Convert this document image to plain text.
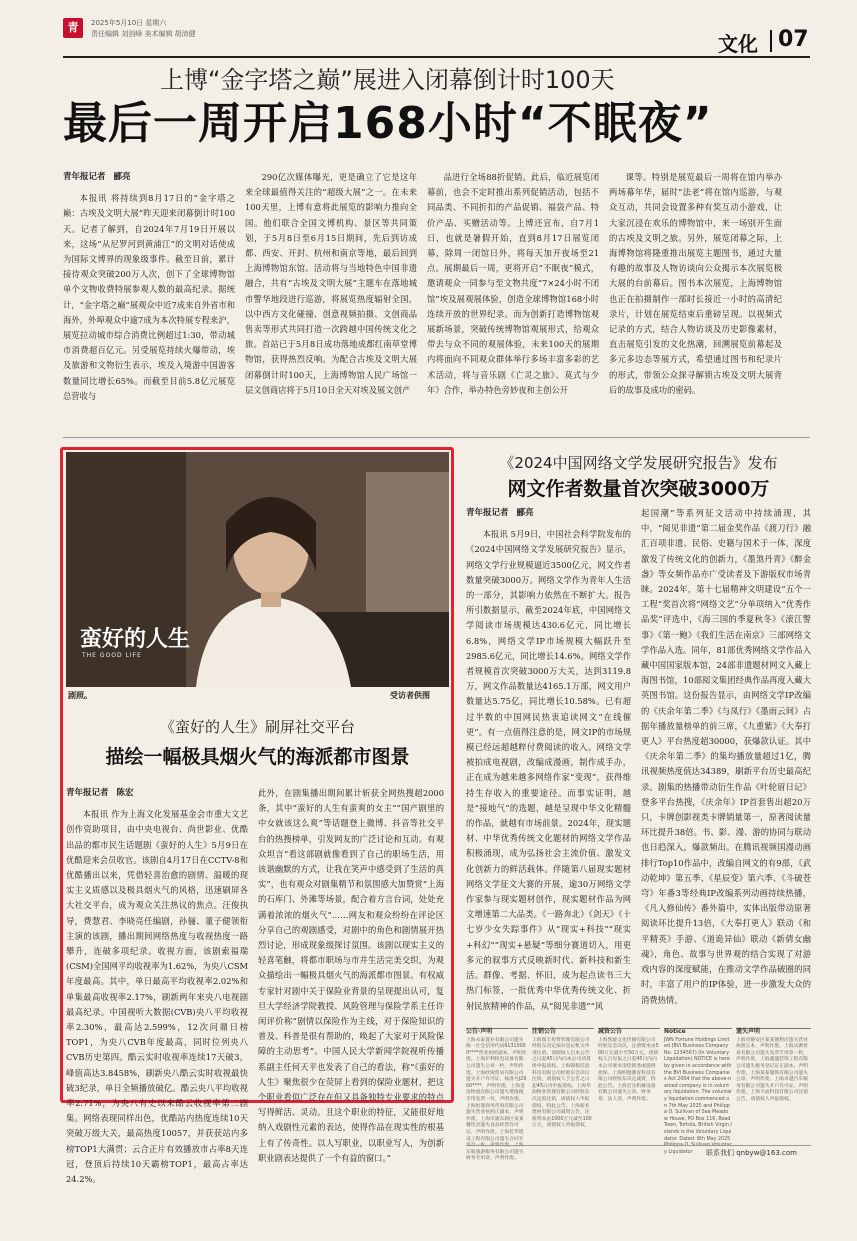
青	2025年5月10日 星期六
责任编辑 刘剑峰 美术编辑 胡沛健	文化 07
上博“金字塔之巅”展进入闭幕倒计时100天
最后一周开启168小时“不眠夜”
青年报记者 郦亮
本报讯 将持续到8月17日的“金字塔之巅：古埃及文明大展”昨天迎来闭幕倒计时100天。记者了解到，自2024年7月19日开展以来，这场“从尼罗河到黄浦江”的文明对话使成为国际文博界的现象级事件。截至目前，累计接待观众突破200万人次，创下了全球博物馆单个文物收费特展参观人数的最高纪录。据统计，“金字塔之巅”展观众中近7成来自外省市和海外，外埠观众中逾7成为本次特展专程来沪，展览拉动城市综合消费比例超过1:30，带动城市消费超百亿元。另受展览持续火爆带动，埃及旅游和文物衍生表示，埃及入境游中国游客数量同比增长65%。而截至目前5.8亿元展览总营收与
290亿次媒体曝光，更是确立了它是这年来全球最值得关注的“超级大展”之一。在未来100天里，上博有意将此展览的影响力推向全国。他们联合全国文博机构、景区等共同策划，于5月8日至6月15日期间，先后到访成都、西安、开封、杭州和南京等地，最后回到上海博物馆东馆。活动将与当地特色中国非遗融合，共有“古埃及文明大展”主题车在落地城市警华地段进行巡游，将展览热度辐射全国，以中西方文化碰撞、创意视频拍摄、文创商品售卖等形式共同打造一次跨越中国传统文化之旅。首站已于5月8日成功落地成都红南草堂博物馆，获得热烈反响。为配合古埃及文明大展闭幕倒计时100天，上海博物馆人民广场馆一层文创商店将于5月10日全天对埃及展文创产
品进行全场88折促销。此后，临近展览闭幕前，也会不定时推出系列促销活动，包括不同品类、不同折扣的产品促销、福袋产品、特价产品、买赠活动等。上博还宣布，自7月1日，也就是暑假开始，直到8月17日展览闭幕，除周一闭馆日外，将每天加开夜场至21点。展期最后一周，更将开启“不眠夜”模式，邀请观众一同参与至文物共度“7×24小时不闭馆”埃及展观展体验，创造全球博物馆168小时连续开放的世界纪录。而为创新打造博物馆观展新场景，突破传统博物馆观展形式，给观众带去与众不同的观展体验，未来100天的展期内将面向不同观众群体举行多场丰富多彩的艺术活动，将与音乐剧《亡灵之旅》、莫式与少年》合作，举办特色旁妙夜和主创公开
课等。特别是展览最后一周将在馆内举办两场幕年华，届时“法老”将在馆内巡游，与观众互动，共同会设置多种有奖互动小游戏，让大家沉浸在欢乐的博物馆中，来一场别开生面的古埃及文明之旅。另外，展览闭幕之际，上海博物馆将隆重推出展览主题图书，通过大量有趣的故事及人物访谈向公众揭示本次展览极大展的台前幕后。图书本次展览，上海博物馆也正在拍摄制作一部时长接近一小时的高清纪录片，计划在展览结束后重磅呈现。以视频式记录的方式，结合人物访谈及历史影像素材，直击展览引发的文化热潮，回溯展览前幕起及多元多边态等展方式，希望通过图书和纪录片的形式，带领公众探寻解锁古埃及文明大展背后的故事及成功的密码。
蛮好的人生
THE GOOD LIFE
剧照。	受访者供图
《蛮好的人生》刷屏社交平台
描绘一幅极具烟火气的海派都市图景
青年报记者 陈宏
本报讯 作为上海文化发展基金会市重大文艺创作资助项目，由中央电视台、尚世影业、优酷出品的都市民生话题剧《蛮好的人生》5月9日在优酷迎来会员收官。该剧自4月17日在CCTV-8和优酷播出以来，凭借轻喜治愈的剧情、温暖的现实主义质感以及极具烟火气的风格，迅速刷屏各大社交平台，成为观众关注热议的焦点。汪俊执导，费慧君、李晓亮任编剧，孙俪、董子健领衔主演的该剧，播出期间网络热度与收视热度一路攀升，连破多项纪录。收视方面，该剧索福瑞(CSM)全国网平均收视率为1.62%，为央八CSM年度最高。其中，单日最高平均收视率2.02%和单集最高收视率2.17%，刷新两年来央八电视剧最高纪录。中国视听大数据(CVB)央八平均收视率2.30%，最高达2.599%，12次问鼎日榜TOP1，为央八CVB年度最高，同时位列央八CVB历史第四。酷云实时收视率连续17天破3，峰值高达3.8458%，刷新央八酷云实时收视最快破3纪录，单日全频播放破亿。酷云央八平均收视率2.71%，为央八有史以来酷云收视率第二剧集。网络表现同样出色，优酷站内热度连续10天突破万级大关，最高热度10057，并获获站内多榜TOP1大满贯；云合正片有效播放市占率8天连冠，登顶后持续10天霸榜TOP1，最高占率达24.2%。
此外，在剧集播出期间累计斩获全网热搜超2000条，其中“蛮好的人生有蛮爽的女主”“国产剧里的中女就该这么爽”等话题登上微博、抖音等社交平台的热搜榜单，引发网友的广泛讨论和互动。有观众坦言“看这部剧就像看到了自己的职场生活，用该谐幽默的方式，让我在笑声中感受到了生活的真实”，也有观众对剧集精节和氛围感大加赞赏“上海的石库门、外滩等场景，配合着方言台词，处处充满着浓浓的烟火气”……网友和观众纷纷在评论区分享自己的观剧感受，对剧中的角色和剧情展开热烈讨论，形成现象级探讨氛围。该剧以现实主义的轻喜笔触，将都市职场与市井生活完美交织，为观众描绘出一幅极具烟火气的海派都市图景。有权威专家针对剧中关于保险业背景的呈现提出认可，复旦大学经济学院教授、风险管理与保险学系主任许闲评价称“剧情以保险作为主线，对于保险知识的普及、科普是很有帮助的，唤起了大家对于风险保障的主动思考”。中国人民大学新闻学院视听传播系副主任何天平也发表了自己的看法，称“《蛮好的人生》聚焦很少在荧屏上看到的保险业题材，把这个职业看似广泛存在但又具备独特专业要求的特点写得鲜活、灵动。且这个职业的特征，又能很好地纳入戏剧性元素的表达，使得作品在现实性的根基上有了传奇性。以人写职业，以职业写人，为创新职业剧表达提供了一个有益的窗口。”
《2024中国网络文学发展研究报告》发布
网文作者数量首次突破3000万
青年报记者 郦亮
本报讯 5月9日，中国社会科学院发布的《2024中国网络文学发展研究报告》显示，网络文学行业规模逼近3500亿元，网文作者数量突破3000万。网络文学作为青年人生活的一部分，其影响力依然在不断扩大。报告所引数据显示，截至2024年底，中国网络文学阅读市场规模达430.6亿元，同比增长6.8%，网络文学IP市场规模大幅跃升至2985.6亿元，同比增长14.6%。网络文学作者规模首次突破3000万大关，达到3119.8万，网文作品数量达4165.1万部，网文用户数量达5.75亿，同比增长10.58%。已有超过半数的中国网民热衷追读网文“在线催更”。有一点值得注意的是，网文IP的市场规模已经远超越粹付费阅读的收入。网络文学被拍成电视剧，改编成漫画，制作成手办，正在成为越来越多网络作家“变现”，获得维持生存收入的重要途径。而事实证明，越是“接地气”的选题，越是呈现中华文化精髓的作品，就越有市场前景。2024年，现实题材、中华优秀传统文化题材的网络文学作品积极涌现，成为弘扬社会主流价值、激发文化创新力的鲜活载体。伴随第八届现实题材网络文学征文大赛的开展，逾30万网络文学作家参与现实题材创作，现实题材作品为网文增速第二大品类。《一路奔北》《剑天》《十七岁少女失踪事件》从“现实+科技”“现实+科幻”“现实+悬疑”等细分赛道切入，用更多元的叙事方式反映新时代、新科技和新生活。群像、考据、怀旧，成为起点读书三大热门标签，一批优秀中华优秀传统文化、折射民族精神的作品，从“阅见非遗”“风
起国潮”等系列征文活动中持续涌现，其中，“阅见非遗”第二届金奖作品《渡刀行》融汇百项非遗、民俗、史籍与国术于一体，深度激发了传统文化的创新力，《墨煞丹青》《醉金盏》等女频作品亦广受读者及下游版权市场青睐。2024年，第十七届精神文明建设“五个一工程”奖首次将“网络文艺”分单项纳入“优秀作品奖”评选中，《海三国的季夏秋冬》《滚江警事》《第一鲍》《我们生活在南京》三部网络文学作品入选。同年，81部优秀网络文学作品入藏中国国家版本馆，24部非遗题材网文入藏上海图书馆，10部阅文集团经典作品再度入藏大英图书馆。这份报告显示，由网络文学IP改编的《庆余年第二季》《与凤行》《墨雨云间》占据年播放量榜单的前三席，《九重紫》《大奉打更人》平台热度超30000，获爆款认证。其中《庆余年第二季》的集均播放量超过1亿，腾讯视频热度值达34389，刷新平台历史最高纪录。剧集的热播带动衍生作品《叶轮眉日记》登多平台热搜，《庆余年》IP首套售出超20万只，卡牌创影视类卡牌销量第一，原著阅读量环比提升38倍。书、影、漫、游的协同与联动也日趋深入，爆款频出。在腾讯视频国漫动画排行Top10作品中，改编自网文的有9部，《武动乾坤》第五季、《星辰变》第六季、《斗破苍穹》年番3等经典IP改编系列动画持续热播，《凡人修仙传》番外篇中，实体出版带动原著阅读环比提升13倍，《大奉打更人》联动《和平精英》手游、《道诡异仙》联动《新倩女幽魂》，角色、故事与世界观的结合实现了对游戏内容的深度赋能，在推动文学作品破圈的同时，丰富了用户的IP体验，进一步激发大众的消费热情。
公告·声明
上海永泰置业有限公司遗失统一社会信用代码91310000****营业执照副本，声明作废。上海沪利机电设备有限公司遗失公章一枚，声明作废。上海欣锐贸易有限公司遗失开户许可证，核准号J2900****，声明作废。上海金泓物流有限公司遗失增值税专用发票一份，声明作废。上海恒瑞商务咨询有限公司遗失营业执照正副本，声明作废。上海市浦东新区某某餐饮店遗失食品经营许可证，声明作废。上海佳华建设工程有限公司遗失合同专 东航旅游服务有限公司遗失财务专用章，声明作废。
注销公告
上海瑞丰投资管理有限公司经股东决定拟向登记机关申请注销，请债权人自本公告之日起45日内向本公司清算组申报债权。上海锦程信息科技有限公司经股东会决议注销，请债权人于公告之日起45日内申报债权。上海华润物业管理有限公司经股东决定拟注销，请债权人申报债权，特此公告。上海新亚建材有限公司减资公告，注册资本由1000万元减至100万元，请债权人申报债权。
减资公告
上海凯旋文化传播有限公司经股东会决议，注册资本由500万元减少至50万元，请债权人自见报之日起45日内向本公司要求清偿债务或提供担保。上海明德教育科技有限公司经股东决定减资，特此公告。上海宏达机械设备有限公司遗失公章、财务章、法人章，声明作废。
Notice
JWN Fortune Holdings Limited (BVI Business Company No. 1234567) (In Voluntary Liquidation) NOTICE is hereby given in accordance with the BVI Business Companies Act 2004 that the above-named company is in voluntary liquidation. The voluntary liquidation commenced on 7th May 2025 and Philippa O. Sullivan of Sea Meadow House, PO Box 116, Road Town, Tortola, British Virgin Islands is the Voluntary Liquidator. Dated: 8th May 2025 y Liquidator
遗失声明
上海市静安区某某便利店遗失营业执照正本，声明作废。上海乐源贸易有限公司遗失发票专用章一枚，声明作废。上海鑫盛装饰工程有限公司遗失税务登记证正副本，声明作废。上海某某服饰有限公司遗失公章，声明作废。上海卓越汽车服务有限公司遗失开户许可证，声明作废。上海天成科技有限公司注销公告，请债权人申报债权。
联系我们 qnbyw@163.com
